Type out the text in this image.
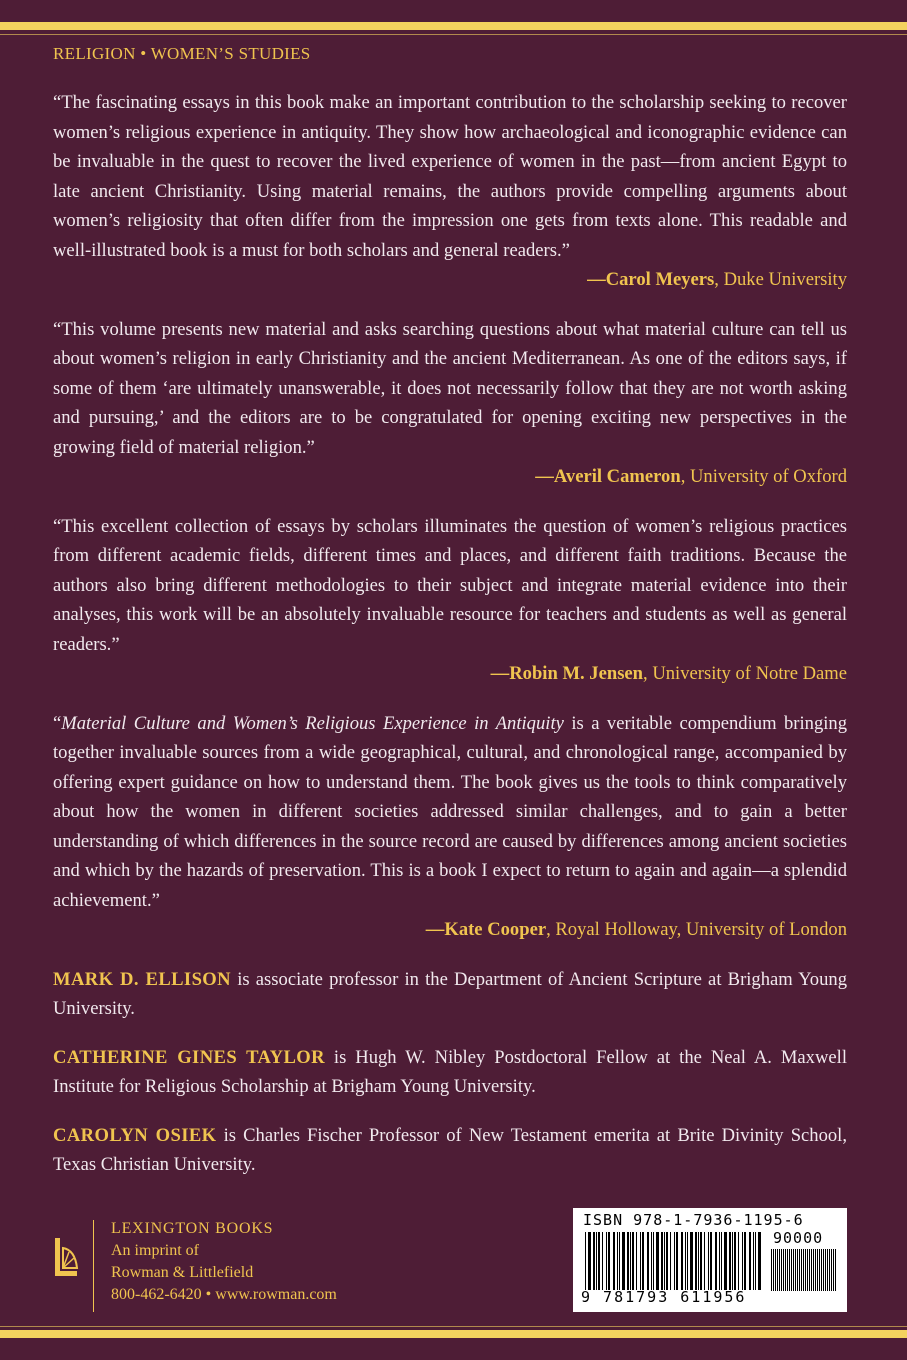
RELIGION • WOMEN’S STUDIES

“The fascinating essays in this book make an important contribution to the scholarship seeking to recover women’s religious experience in antiquity. They show how archaeological and iconographic evidence can be invaluable in the quest to recover the lived experience of women in the past—from ancient Egypt to late ancient Christianity. Using material remains, the authors provide compelling arguments about women’s religiosity that often differ from the impression one gets from texts alone. This readable and well-illustrated book is a must for both scholars and general readers.”

—Carol Meyers, Duke University

“This volume presents new material and asks searching questions about what material culture can tell us about women’s religion in early Christianity and the ancient Mediterranean. As one of the editors says, if some of them ‘are ultimately unanswerable, it does not necessarily follow that they are not worth asking and pursuing,’ and the editors are to be congratulated for opening exciting new perspectives in the growing field of material religion.”

—Averil Cameron, University of Oxford

“This excellent collection of essays by scholars illuminates the question of women’s religious practices from different academic fields, different times and places, and different faith traditions. Because the authors also bring different methodologies to their subject and integrate material evidence into their analyses, this work will be an absolutely invaluable resource for teachers and students as well as general readers.”

—Robin M. Jensen, University of Notre Dame

“Material Culture and Women’s Religious Experience in Antiquity is a veritable compendium bringing together invaluable sources from a wide geographical, cultural, and chronological range, accompanied by offering expert guidance on how to understand them. The book gives us the tools to think comparatively about how the women in different societies addressed similar challenges, and to gain a better understanding of which differences in the source record are caused by differences among ancient societies and which by the hazards of preservation. This is a book I expect to return to again and again—a splendid achievement.”

—Kate Cooper, Royal Holloway, University of London

MARK D. ELLISON is associate professor in the Department of Ancient Scripture at Brigham Young University.

CATHERINE GINES TAYLOR is Hugh W. Nibley Postdoctoral Fellow at the Neal A. Maxwell Institute for Religious Scholarship at Brigham Young University.

CAROLYN OSIEK is Charles Fischer Professor of New Testament emerita at Brite Divinity School, Texas Christian University.

LEXINGTON BOOKS
An imprint of
Rowman & Littlefield
800-462-6420 • www.rowman.com
ISBN 978-1-7936-1195-6
90000
9 781793 611956
